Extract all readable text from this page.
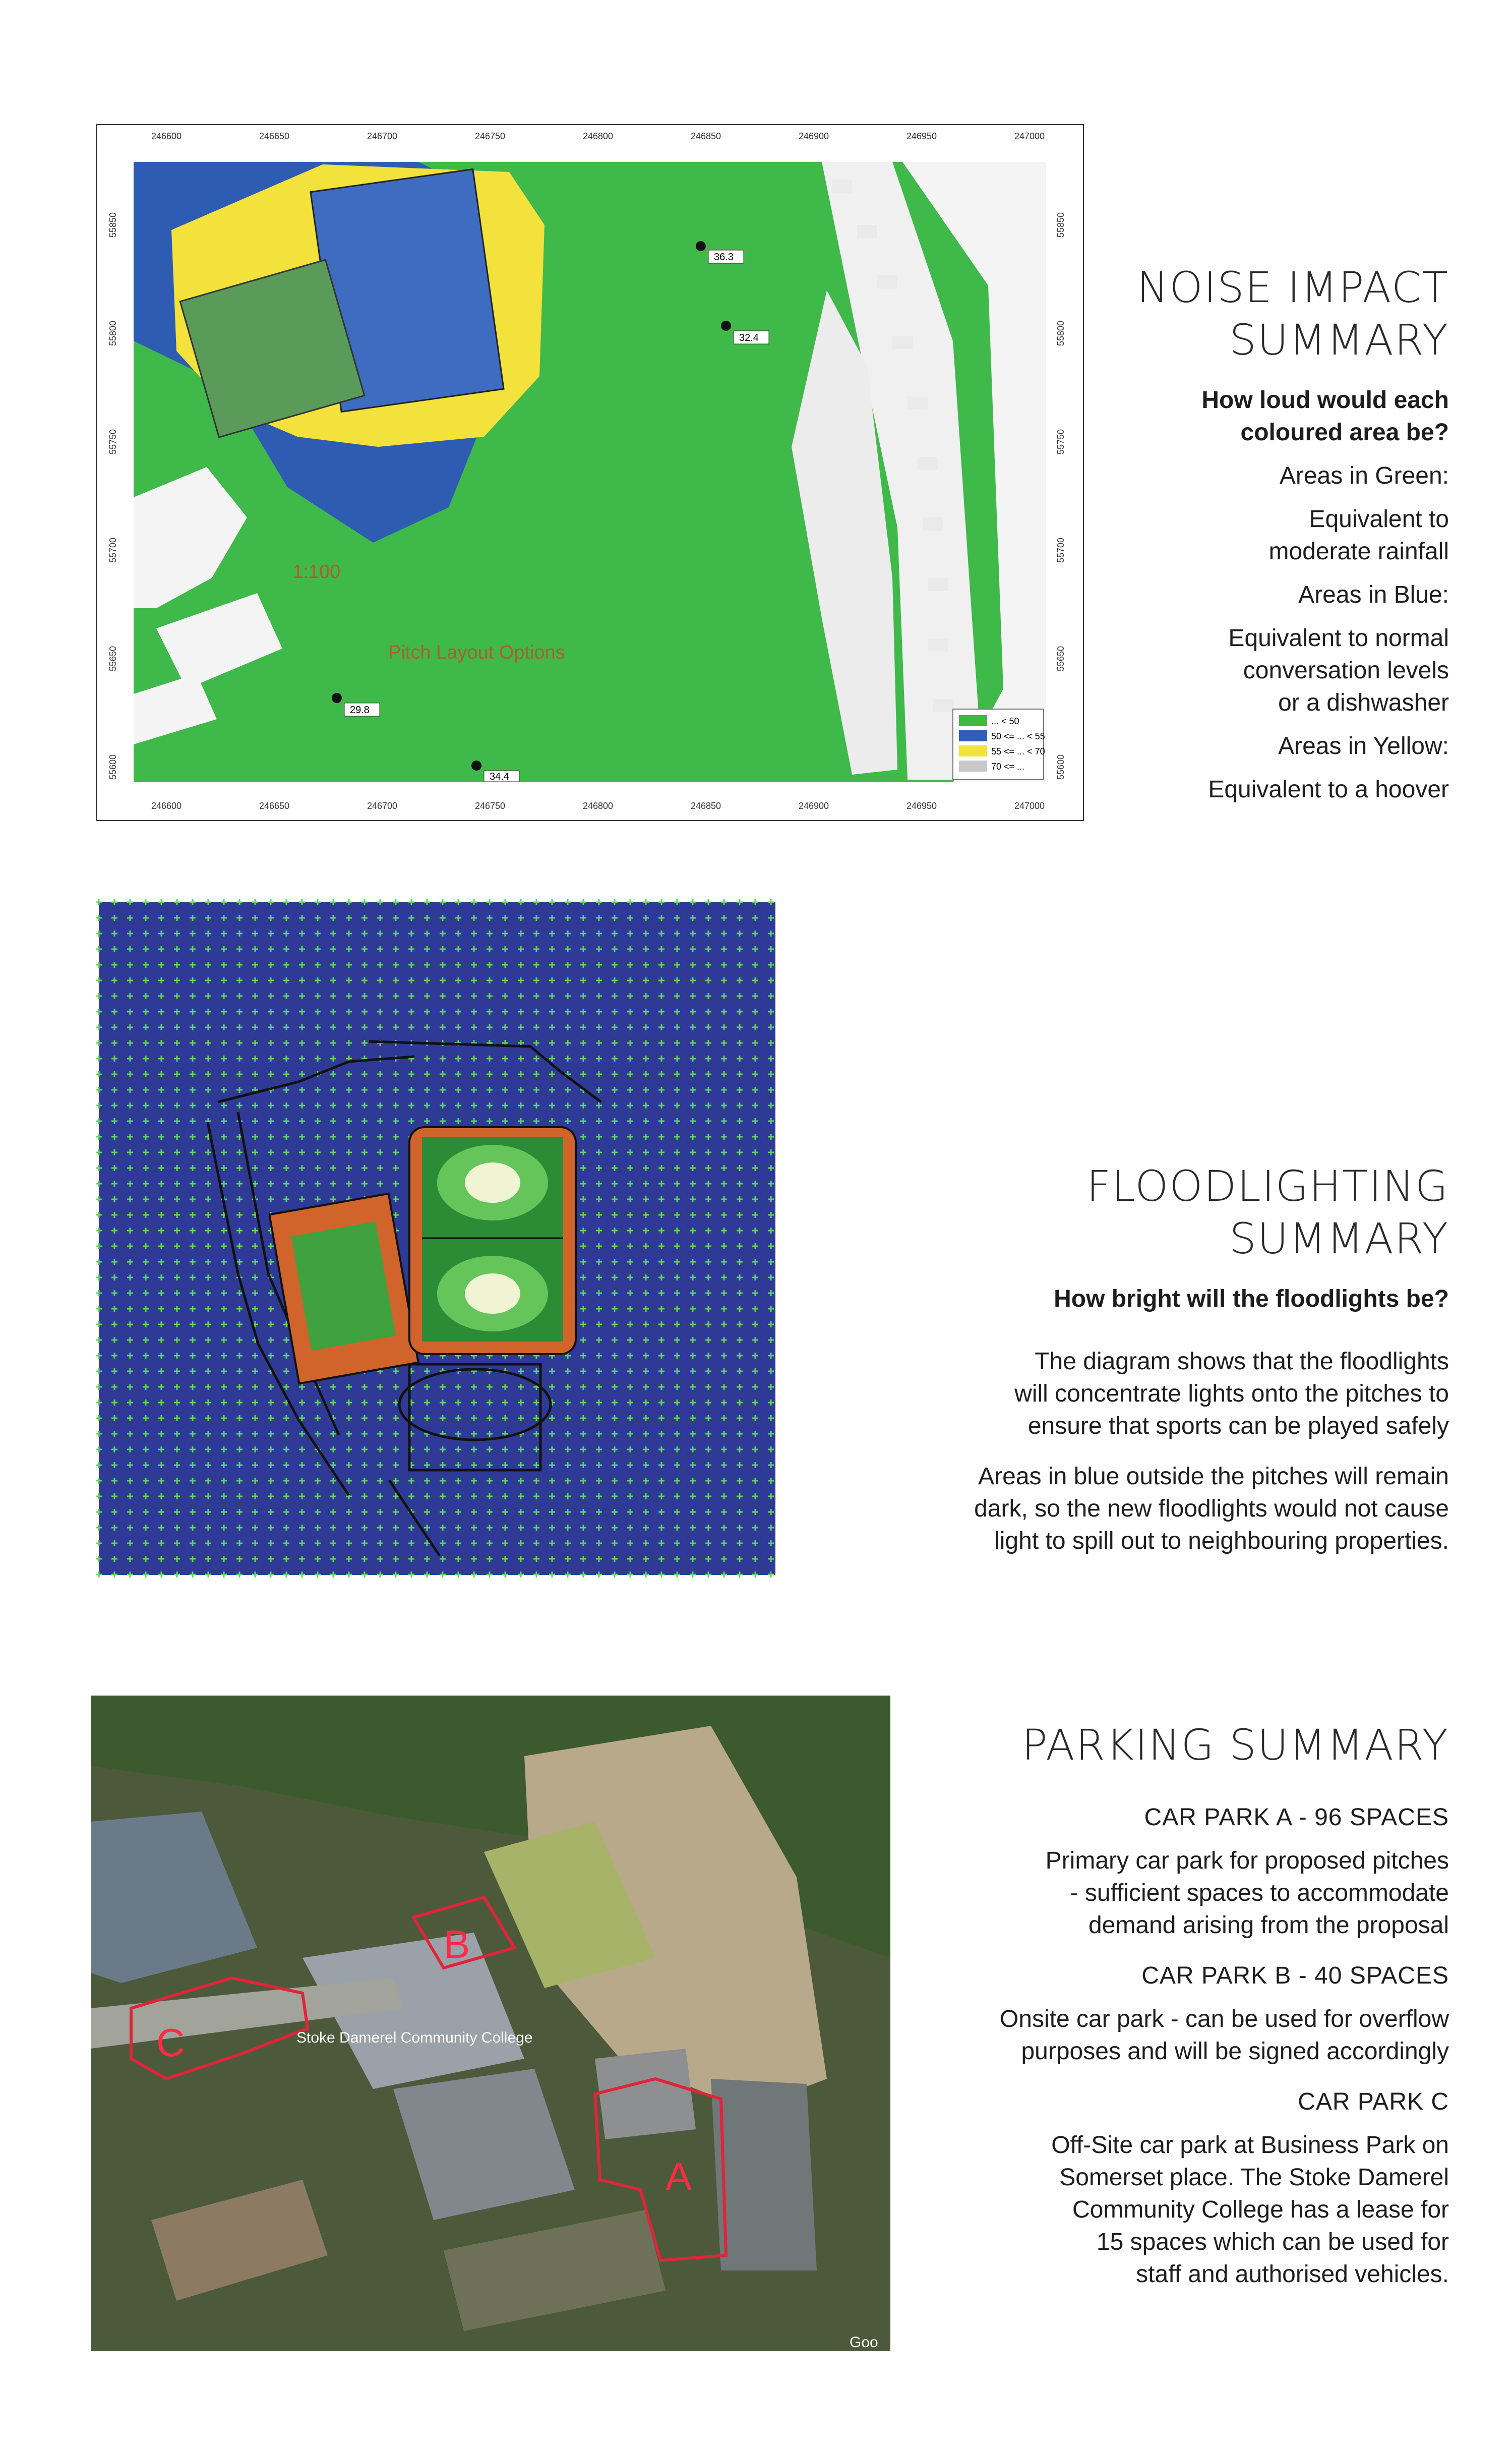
246600	246650	246700	246750	246800	246850	246900	246950	247000
246600	246650	246700	246750	246800	246850	246900	246950	247000
55850
55800
55750
55700
55650
55600
55850
55800
55750
55700
55650
55600
Pitch Layout Options
1:100
36.3
32.4
29.8
34.4
... < 50
50 <= ... < 55
55 <= ... < 70
70 <= ...
NOISE IMPACT
SUMMARY
How loud would each
coloured area be?
Areas in Green:
Equivalent to
moderate rainfall
Areas in Blue:
Equivalent to normal
conversation levels
or a dishwasher
Areas in Yellow:
Equivalent to a hoover
FLOODLIGHTING
SUMMARY
How bright will the floodlights be?
The diagram shows that the floodlights
will concentrate lights onto the pitches to
ensure that sports can be played safely
Areas in blue outside the pitches will remain
dark, so the new floodlights would not cause
light to spill out to neighbouring properties.
A
B
C	Stoke Damerel Community College
Goo
PARKING SUMMARY
CAR PARK A - 96 SPACES
Primary car park for proposed pitches
- sufficient spaces to accommodate
demand arising from the proposal
CAR PARK B - 40 SPACES
Onsite car park - can be used for overflow
purposes and will be signed accordingly
CAR PARK C
Off-Site car park at Business Park on
Somerset place. The Stoke Damerel
Community College has a lease for
15 spaces which can be used for
staff and authorised vehicles.
